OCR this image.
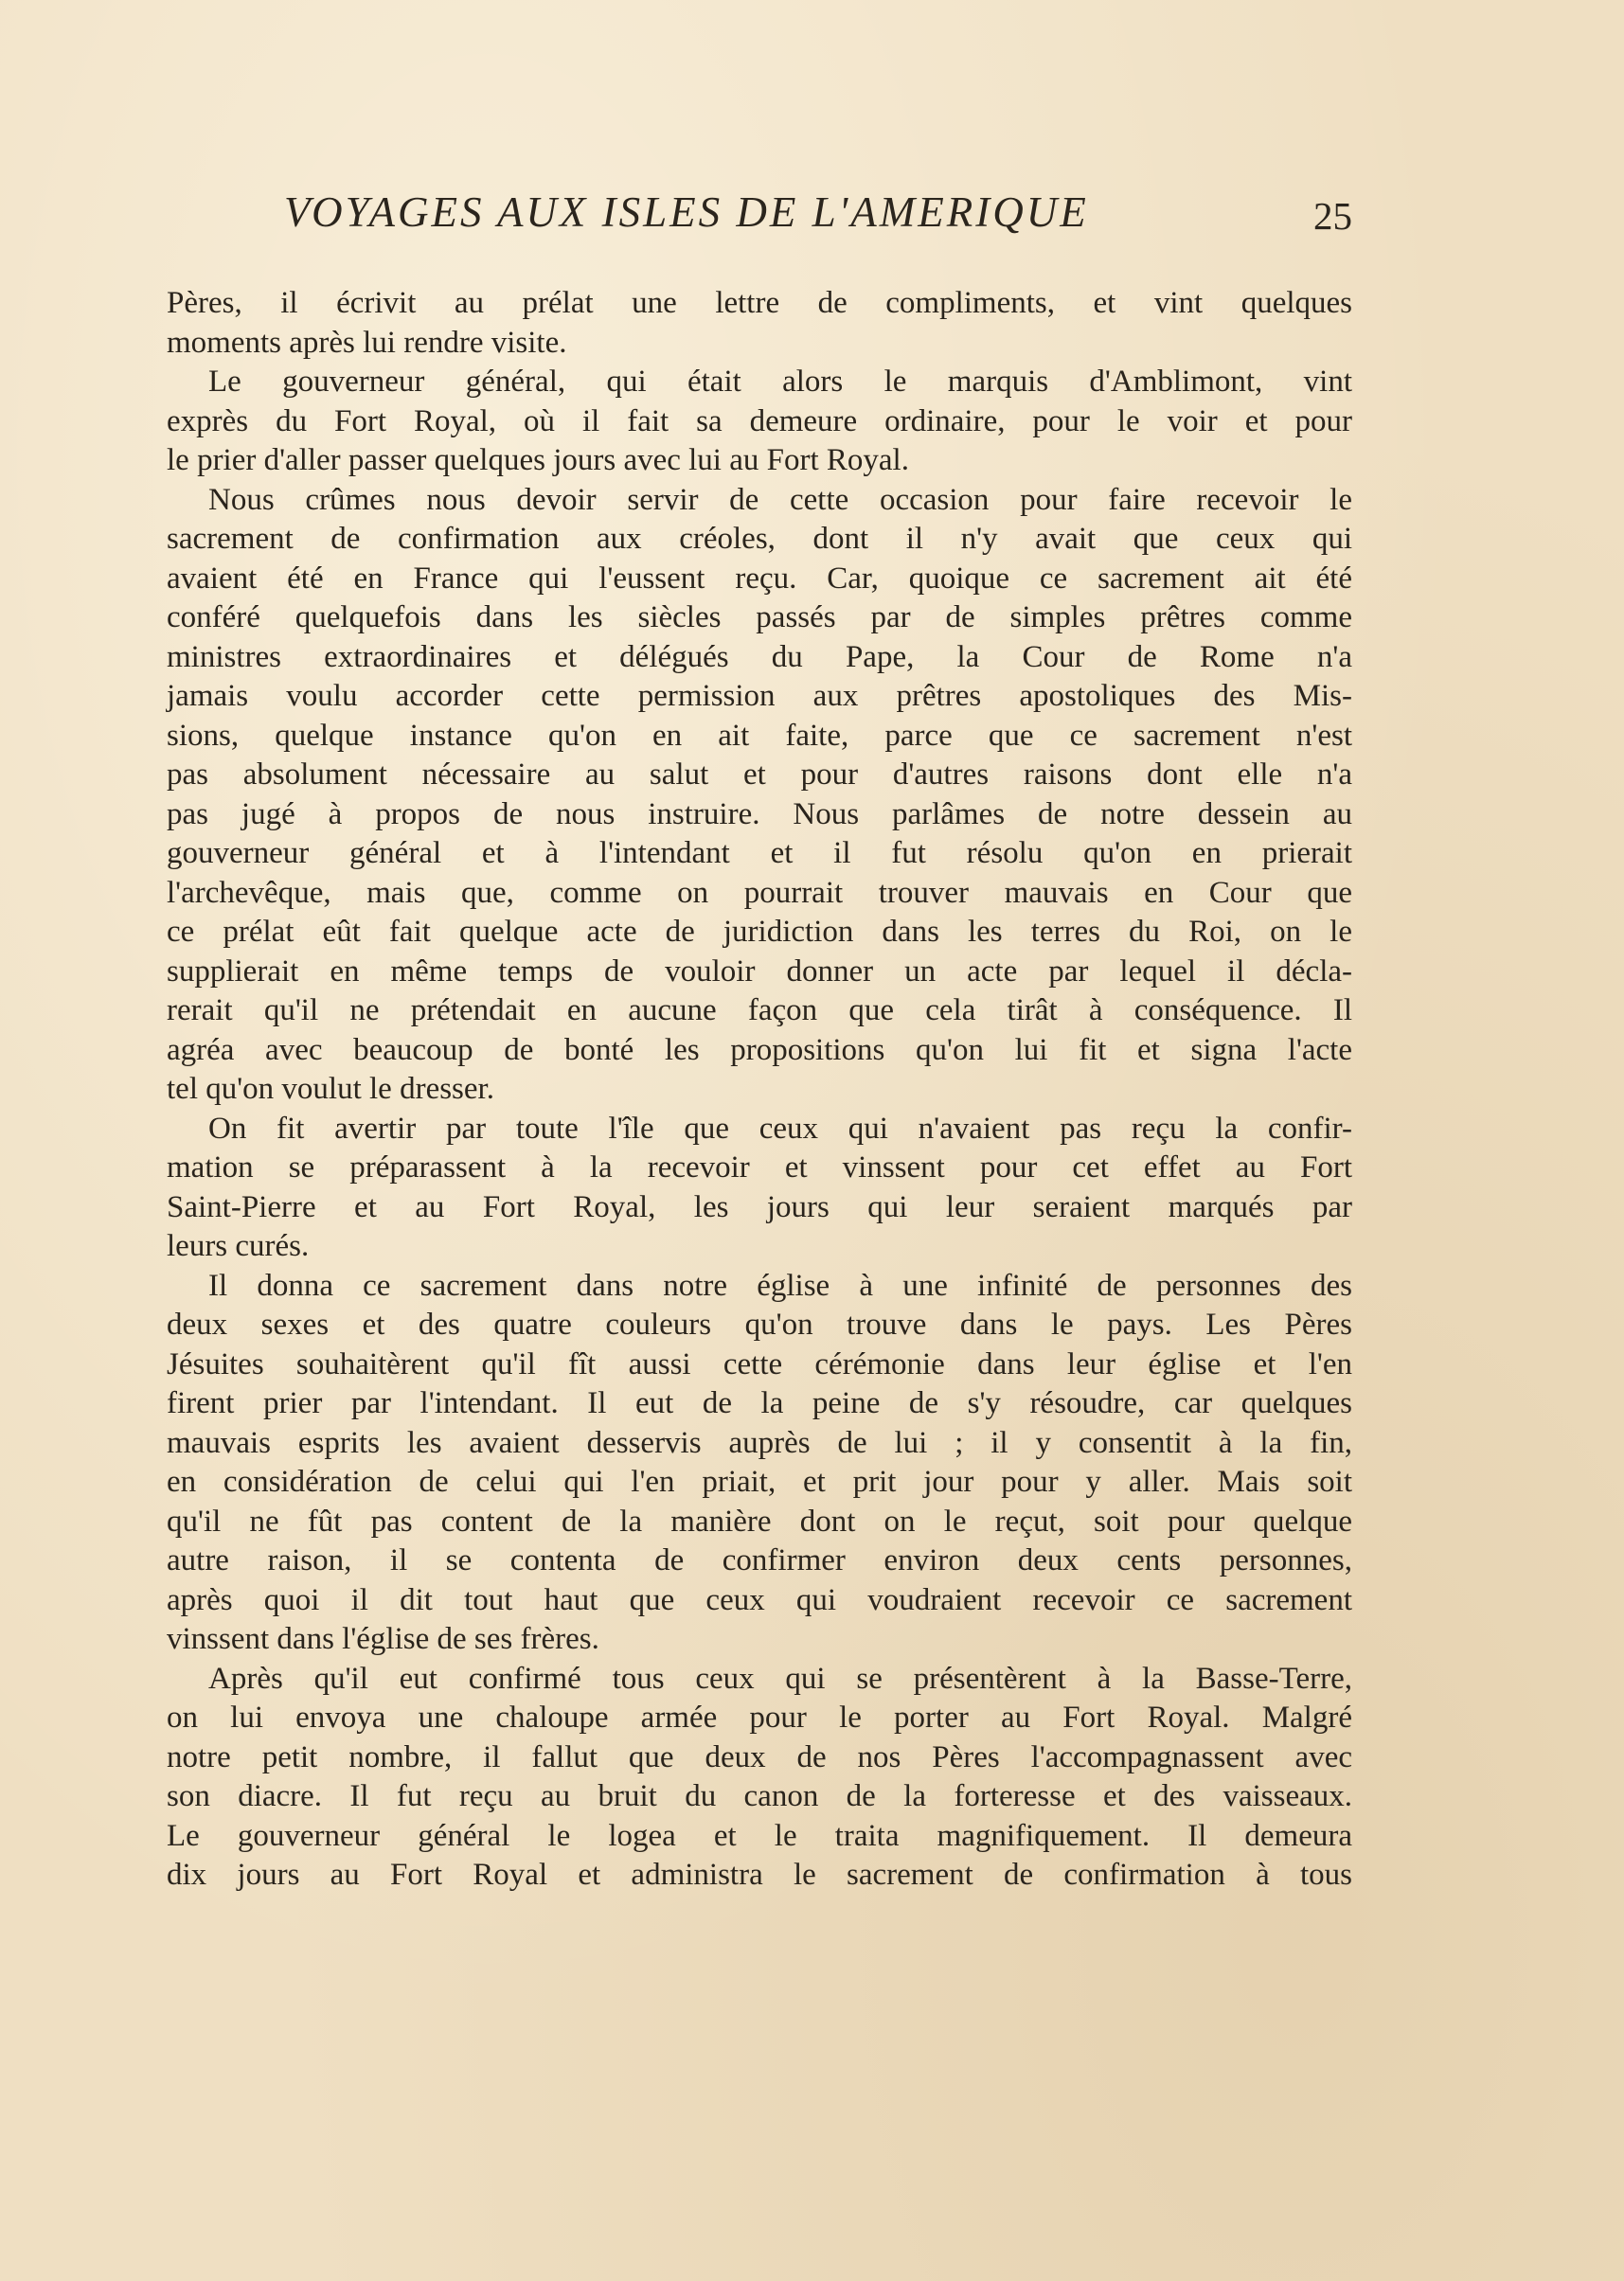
VOYAGES AUX ISLES DE L'AMERIQUE	25
Pères, il écrivit au prélat une lettre de compliments, et vint quelques
moments après lui rendre visite.
Le gouverneur général, qui était alors le marquis d'Amblimont, vint
exprès du Fort Royal, où il fait sa demeure ordinaire, pour le voir et pour
le prier d'aller passer quelques jours avec lui au Fort Royal.
Nous crûmes nous devoir servir de cette occasion pour faire recevoir le
sacrement de confirmation aux créoles, dont il n'y avait que ceux qui
avaient été en France qui l'eussent reçu. Car, quoique ce sacrement ait été
conféré quelquefois dans les siècles passés par de simples prêtres comme
ministres extraordinaires et délégués du Pape, la Cour de Rome n'a
jamais voulu accorder cette permission aux prêtres apostoliques des Mis-
sions, quelque instance qu'on en ait faite, parce que ce sacrement n'est
pas absolument nécessaire au salut et pour d'autres raisons dont elle n'a
pas jugé à propos de nous instruire. Nous parlâmes de notre dessein au
gouverneur général et à l'intendant et il fut résolu qu'on en prierait
l'archevêque, mais que, comme on pourrait trouver mauvais en Cour que
ce prélat eût fait quelque acte de juridiction dans les terres du Roi, on le
supplierait en même temps de vouloir donner un acte par lequel il décla-
rerait qu'il ne prétendait en aucune façon que cela tirât à conséquence. Il
agréa avec beaucoup de bonté les propositions qu'on lui fit et signa l'acte
tel qu'on voulut le dresser.
On fit avertir par toute l'île que ceux qui n'avaient pas reçu la confir-
mation se préparassent à la recevoir et vinssent pour cet effet au Fort
Saint-Pierre et au Fort Royal, les jours qui leur seraient marqués par
leurs curés.
Il donna ce sacrement dans notre église à une infinité de personnes des
deux sexes et des quatre couleurs qu'on trouve dans le pays. Les Pères
Jésuites souhaitèrent qu'il fît aussi cette cérémonie dans leur église et l'en
firent prier par l'intendant. Il eut de la peine de s'y résoudre, car quelques
mauvais esprits les avaient desservis auprès de lui ; il y consentit à la fin,
en considération de celui qui l'en priait, et prit jour pour y aller. Mais soit
qu'il ne fût pas content de la manière dont on le reçut, soit pour quelque
autre raison, il se contenta de confirmer environ deux cents personnes,
après quoi il dit tout haut que ceux qui voudraient recevoir ce sacrement
vinssent dans l'église de ses frères.
Après qu'il eut confirmé tous ceux qui se présentèrent à la Basse-Terre,
on lui envoya une chaloupe armée pour le porter au Fort Royal. Malgré
notre petit nombre, il fallut que deux de nos Pères l'accompagnassent avec
son diacre. Il fut reçu au bruit du canon de la forteresse et des vaisseaux.
Le gouverneur général le logea et le traita magnifiquement. Il demeura
dix jours au Fort Royal et administra le sacrement de confirmation à tous
